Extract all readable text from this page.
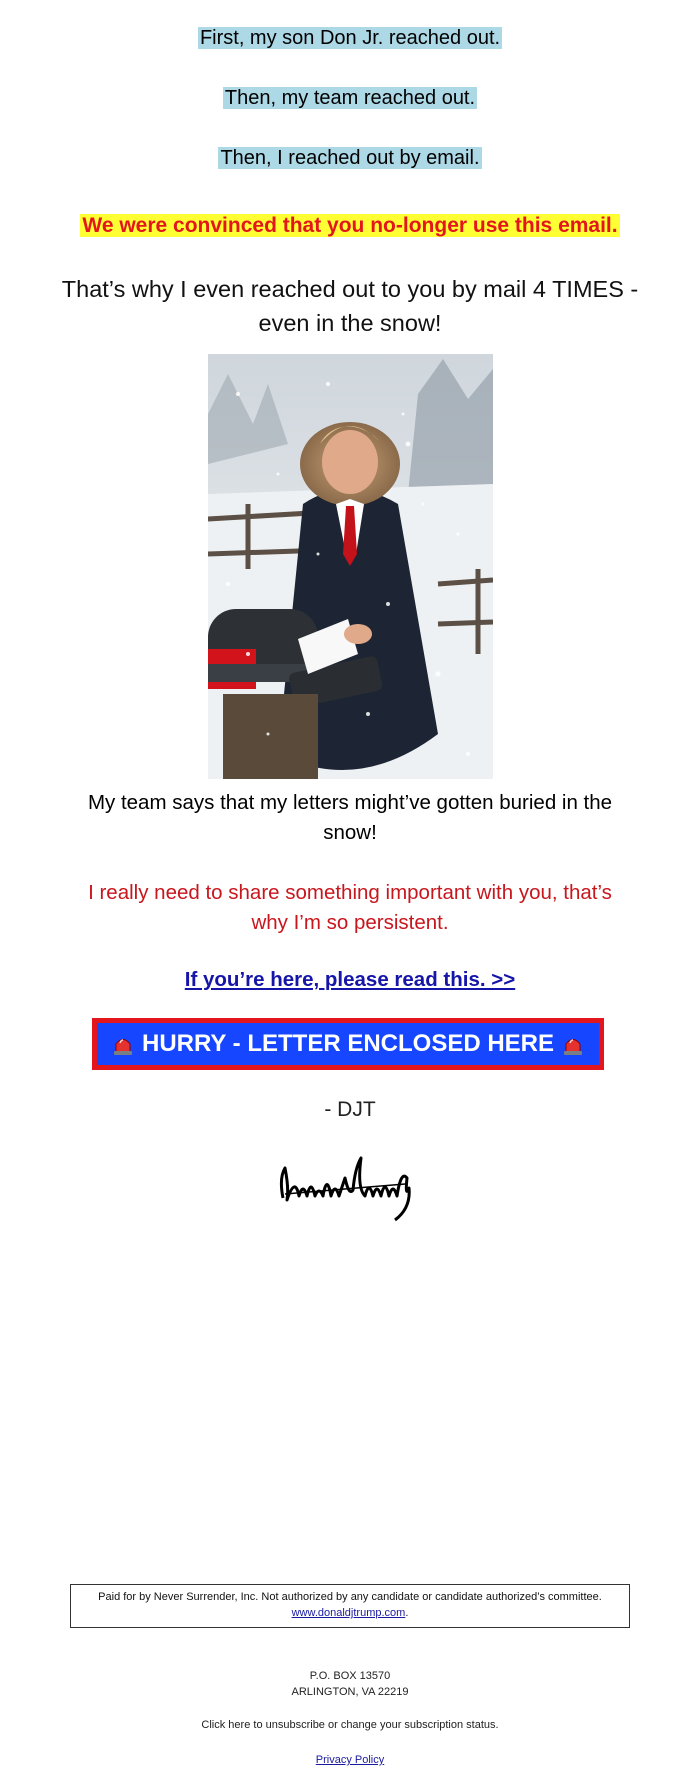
First, my son Don Jr. reached out.
Then, my team reached out.
Then, I reached out by email.
We were convinced that you no-longer use this email.
That’s why I even reached out to you by mail 4 TIMES -
even in the snow!
My team says that my letters might’ve gotten buried in the
snow!
I really need to share something important with you, that’s
why I’m so persistent.
If you’re here, please read this. >>
HURRY - LETTER ENCLOSED HERE
- DJT
Paid for by Never Surrender, Inc. Not authorized by any candidate or candidate authorized’s committee.
www.donaldjtrump.com.
P.O. BOX 13570
ARLINGTON, VA 22219
Click here to unsubscribe or change your subscription status.
Privacy Policy
